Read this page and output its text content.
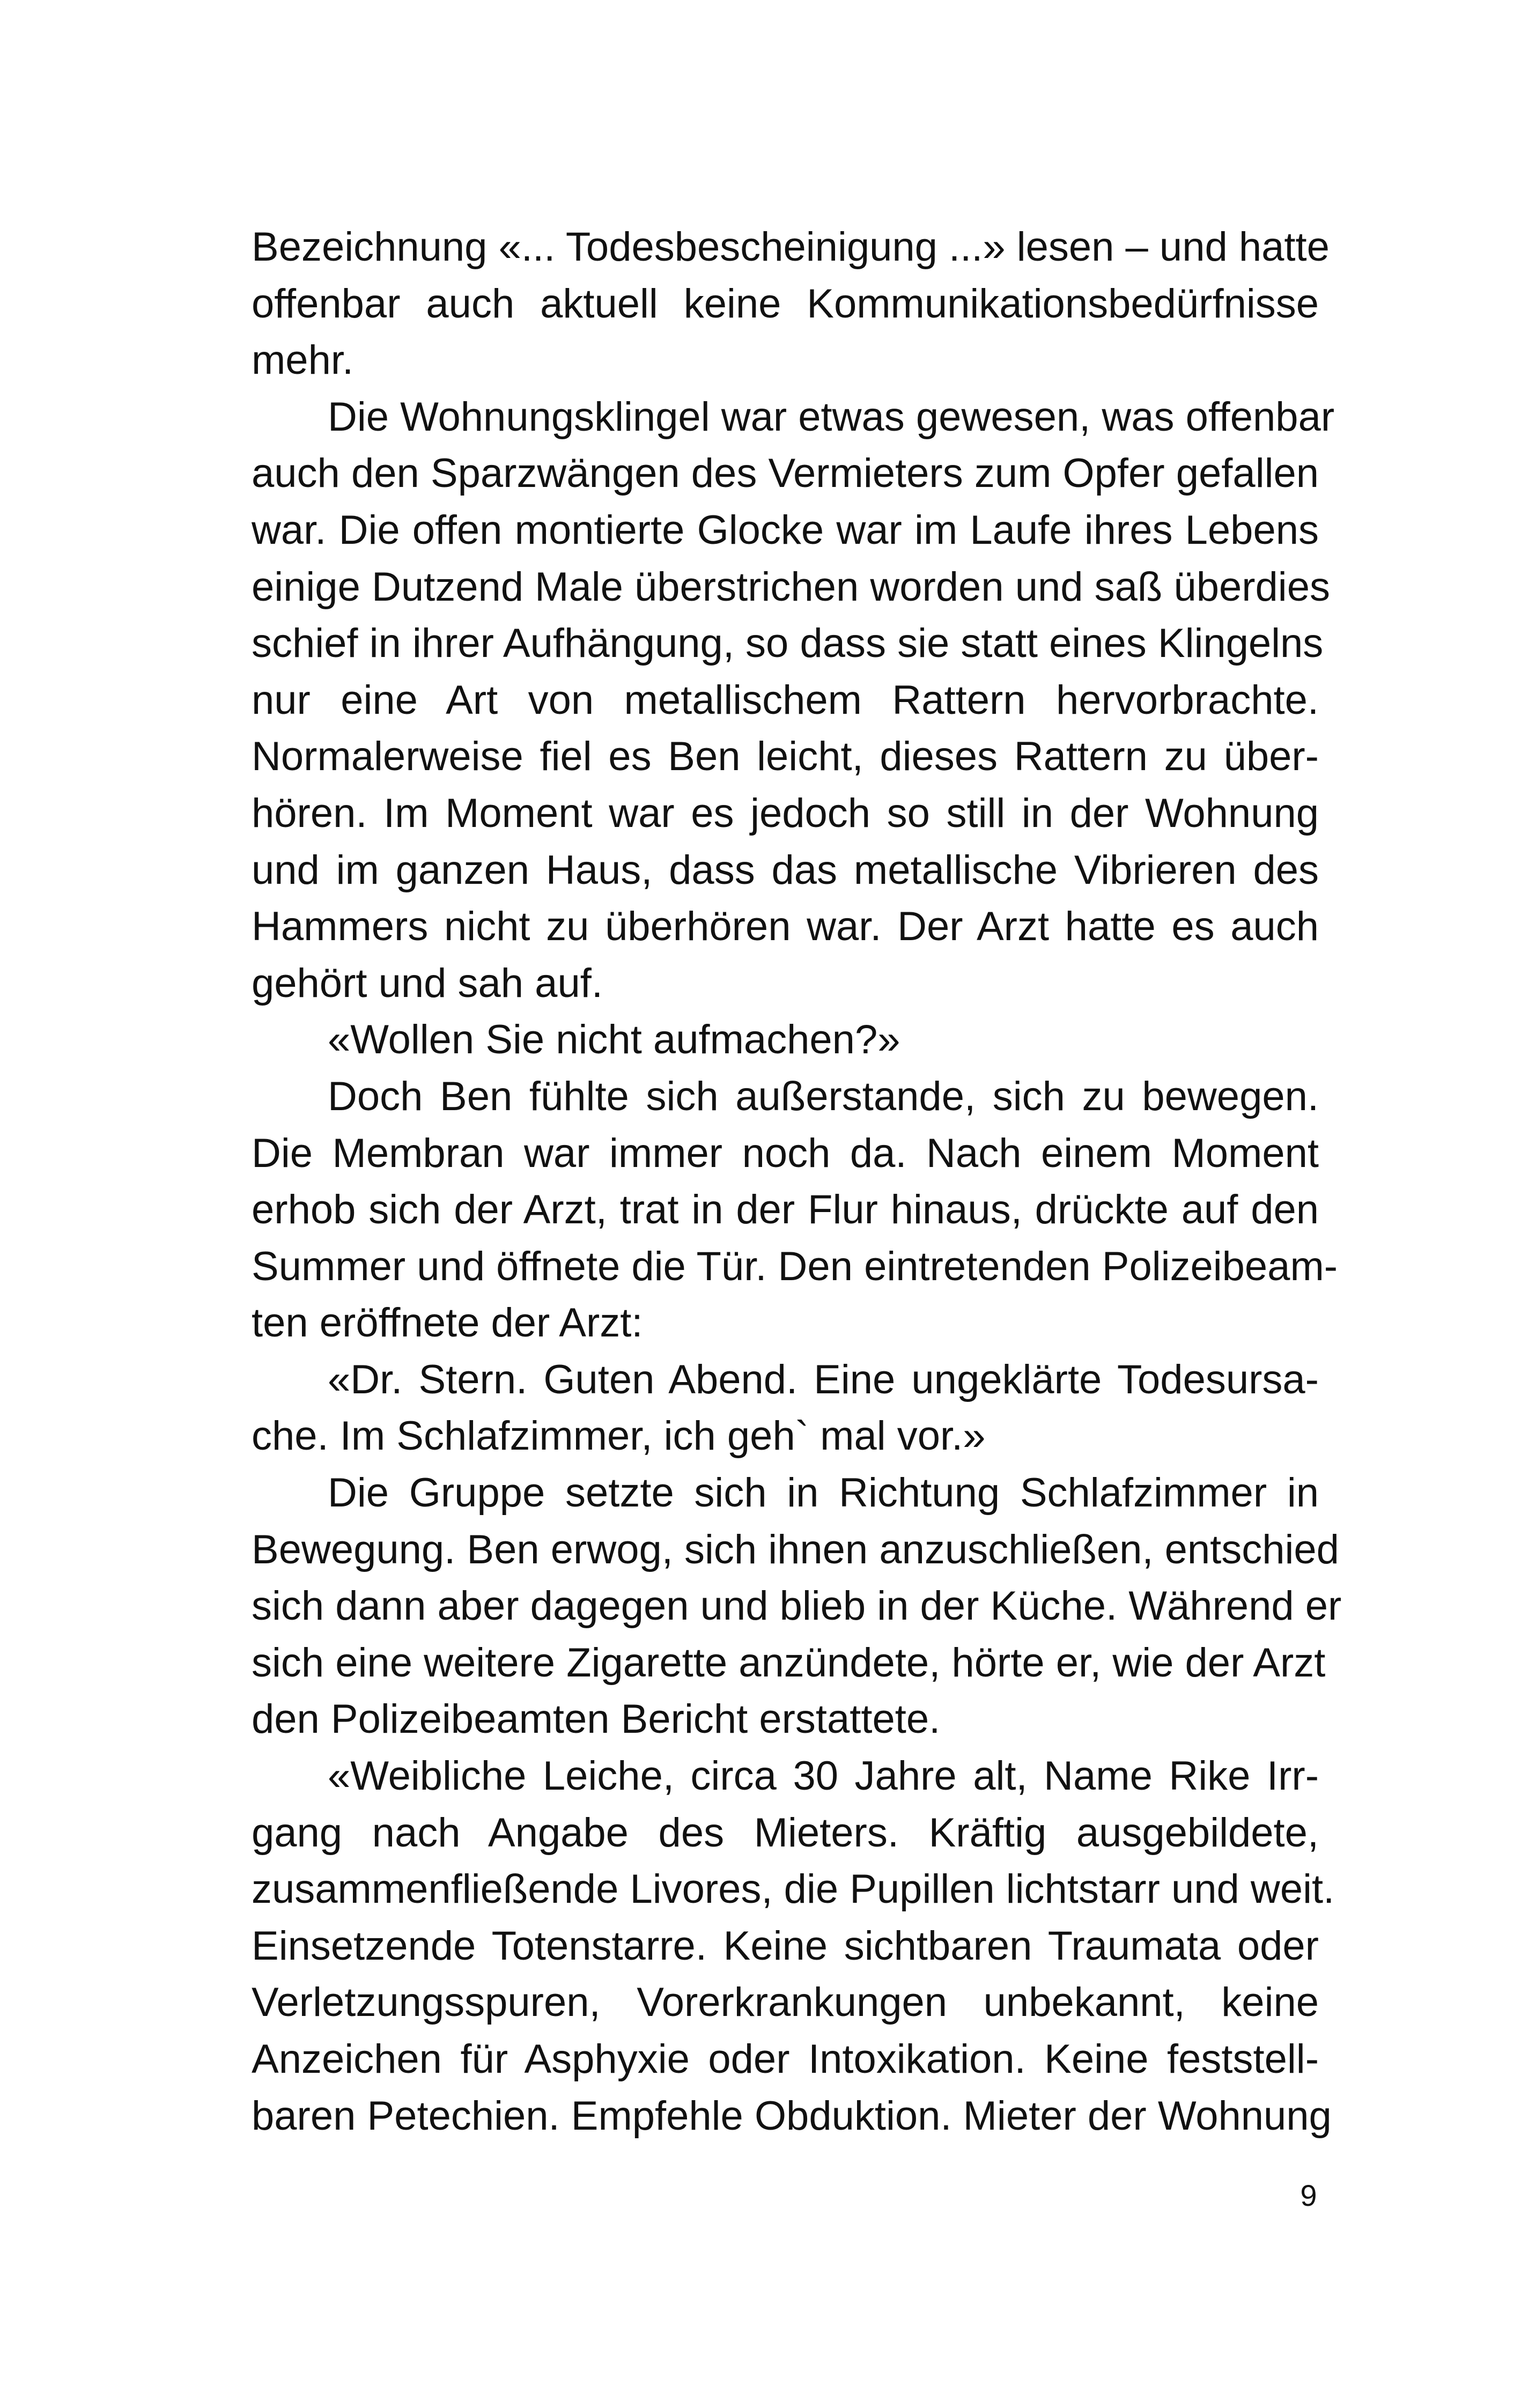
Bezeichnung «... Todesbescheinigung ...» lesen – und hatte
offenbar auch aktuell keine Kommunikationsbedürfnisse
mehr.
Die Wohnungsklingel war etwas gewesen, was offenbar
auch den Sparzwängen des Vermieters zum Opfer gefallen
war. Die offen montierte Glocke war im Laufe ihres Lebens
einige Dutzend Male überstrichen worden und saß überdies
schief in ihrer Aufhängung, so dass sie statt eines Klingelns
nur eine Art von metallischem Rattern hervorbrachte.
Normalerweise fiel es Ben leicht, dieses Rattern zu über-
hören. Im Moment war es jedoch so still in der Wohnung
und im ganzen Haus, dass das metallische Vibrieren des
Hammers nicht zu überhören war. Der Arzt hatte es auch
gehört und sah auf.
«Wollen Sie nicht aufmachen?»
Doch Ben fühlte sich außerstande, sich zu bewegen.
Die Membran war immer noch da. Nach einem Moment
erhob sich der Arzt, trat in der Flur hinaus, drückte auf den
Summer und öffnete die Tür. Den eintretenden Polizeibeam-
ten eröffnete der Arzt:
«Dr. Stern. Guten Abend. Eine ungeklärte Todesursa-
che. Im Schlafzimmer, ich geh` mal vor.»
Die Gruppe setzte sich in Richtung Schlafzimmer in
Bewegung. Ben erwog, sich ihnen anzuschließen, entschied
sich dann aber dagegen und blieb in der Küche. Während er
sich eine weitere Zigarette anzündete, hörte er, wie der Arzt
den Polizeibeamten Bericht erstattete.
«Weibliche Leiche, circa 30 Jahre alt, Name Rike Irr-
gang nach Angabe des Mieters. Kräftig ausgebildete,
zusammenfließende Livores, die Pupillen lichtstarr und weit.
Einsetzende Totenstarre. Keine sichtbaren Traumata oder
Verletzungsspuren, Vorerkrankungen unbekannt, keine
Anzeichen für Asphyxie oder Intoxikation. Keine feststell-
baren Petechien. Empfehle Obduktion. Mieter der Wohnung
9
